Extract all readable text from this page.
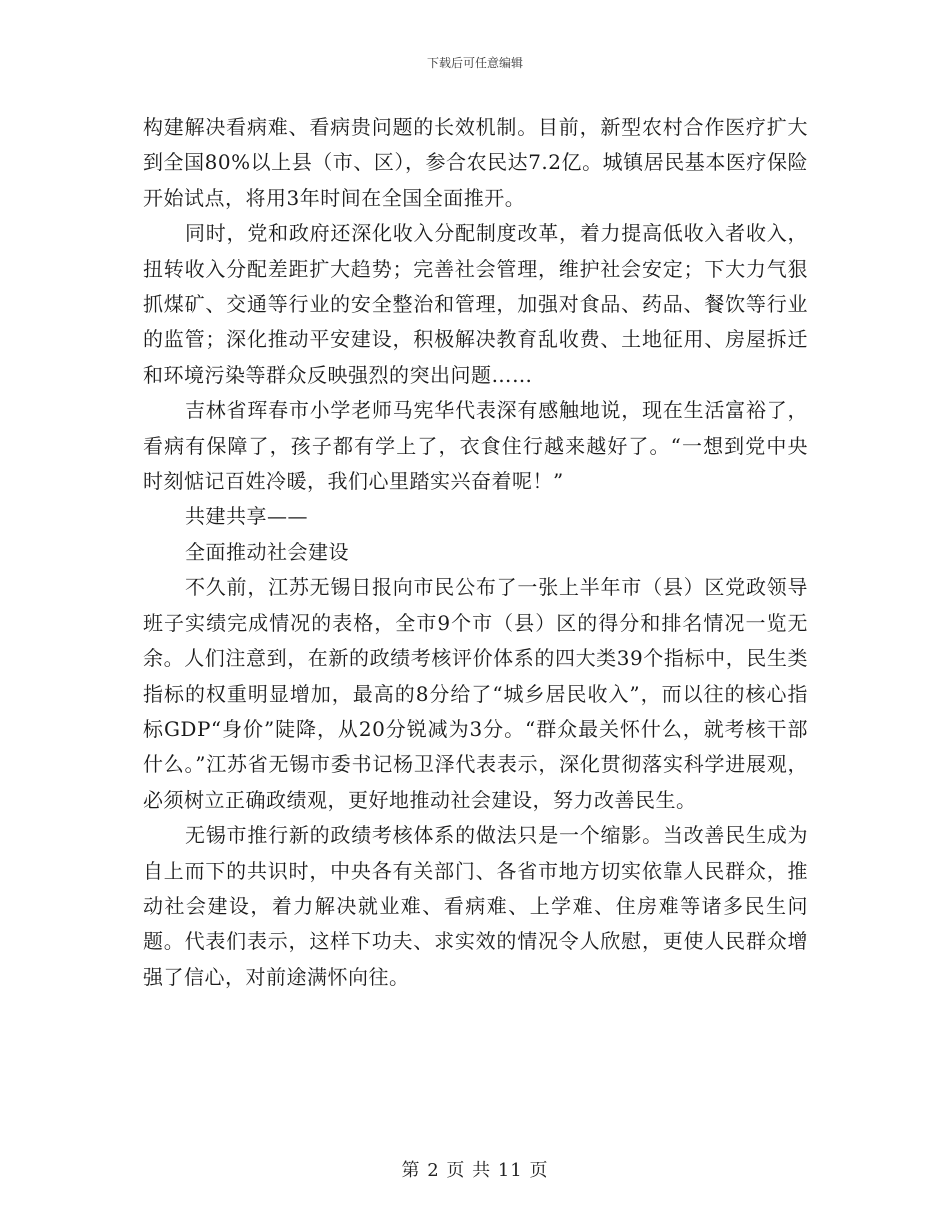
下载后可任意编辑

构建解决看病难、看病贵问题的长效机制。目前，新型农村合作医疗扩大到全国80%以上县（市、区），参合农民达7.2亿。城镇居民基本医疗保险开始试点，将用3年时间在全国全面推开。

同时，党和政府还深化收入分配制度改革，着力提高低收入者收入，扭转收入分配差距扩大趋势；完善社会管理，维护社会安定；下大力气狠抓煤矿、交通等行业的安全整治和管理，加强对食品、药品、餐饮等行业的监管；深化推动平安建设，积极解决教育乱收费、土地征用、房屋拆迁和环境污染等群众反映强烈的突出问题……

吉林省珲春市小学老师马宪华代表深有感触地说，现在生活富裕了，看病有保障了，孩子都有学上了，衣食住行越来越好了。“一想到党中央时刻惦记百姓冷暖，我们心里踏实兴奋着呢！”

共建共享——

全面推动社会建设

不久前，江苏无锡日报向市民公布了一张上半年市（县）区党政领导班子实绩完成情况的表格，全市9个市（县）区的得分和排名情况一览无余。人们注意到，在新的政绩考核评价体系的四大类39个指标中，民生类指标的权重明显增加，最高的8分给了“城乡居民收入”，而以往的核心指标GDP“身价”陡降，从20分锐减为3分。“群众最关怀什么，就考核干部什么。”江苏省无锡市委书记杨卫泽代表表示，深化贯彻落实科学进展观，必须树立正确政绩观，更好地推动社会建设，努力改善民生。

无锡市推行新的政绩考核体系的做法只是一个缩影。当改善民生成为自上而下的共识时，中央各有关部门、各省市地方切实依靠人民群众，推动社会建设，着力解决就业难、看病难、上学难、住房难等诸多民生问题。代表们表示，这样下功夫、求实效的情况令人欣慰，更使人民群众增强了信心，对前途满怀向往。

第 2 页 共 11 页
